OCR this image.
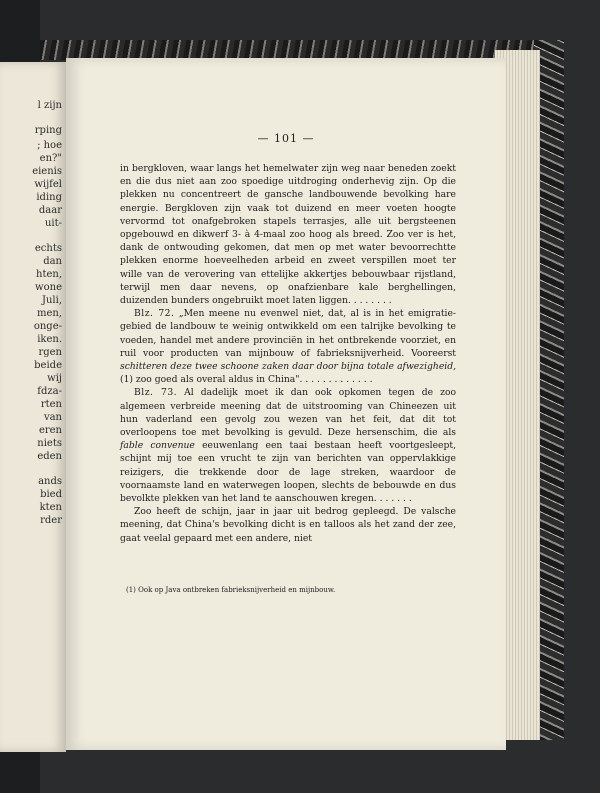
l zijn
rping
; hoe
en?"
eienis
wijfel
iding
daar
uit-
echts
dan
hten,
wone
Juli,
men,
onge-
iken.
rgen
beide
wij
fdza-
rten
van
eren
niets
eden
ands
bied
kten
rder
— 101 —

in bergkloven, waar langs het hemelwater zijn weg naar beneden zoekt en die dus niet aan zoo spoedige uitdroging onderhevig zijn. Op die plekken nu concentreert de gansche landbouwende bevolking hare energie. Bergkloven zijn vaak tot duizend en meer voeten hoogte vervormd tot onafgebroken stapels terrasjes, alle uit bergsteenen opgebouwd en dikwerf 3- à 4-maal zoo hoog als breed. Zoo ver is het, dank de ontwouding gekomen, dat men op met water bevoorrechtte plekken enorme hoeveelheden arbeid en zweet verspillen moet ter wille van de verovering van ettelijke akkertjes bebouwbaar rijstland, terwijl men daar nevens, op onafzienbare kale berghellingen, duizenden bunders ongebruikt moet laten liggen. . . . . . . .

Blz. 72. „Men meene nu evenwel niet, dat, al is in het emigratie-gebied de landbouw te weinig ontwikkeld om een talrijke bevolking te voeden, handel met andere provinciën in het ontbrekende voorziet, en ruil voor producten van mijnbouw of fabrieksnijverheid. Vooreerst schitteren deze twee schoone zaken daar door bijna totale afwezigheid, (1) zoo goed als overal aldus in China". . . . . . . . . . . . .

Blz. 73. Al dadelijk moet ik dan ook opkomen tegen de zoo algemeen verbreide meening dat de uitstrooming van Chineezen uit hun vaderland een gevolg zou wezen van het feit, dat dit tot overloopens toe met bevolking is gevuld. Deze hersenschim, die als fable convenue eeuwenlang een taai bestaan heeft voortgesleept, schijnt mij toe een vrucht te zijn van berichten van oppervlakkige reizigers, die trekkende door de lage streken, waardoor de voornaamste land en waterwegen loopen, slechts de bebouwde en dus bevolkte plekken van het land te aanschouwen kregen. . . . . . .

Zoo heeft de schijn, jaar in jaar uit bedrog gepleegd. De valsche meening, dat China's bevolking dicht is en talloos als het zand der zee, gaat veelal gepaard met een andere, niet

(1) Ook op Java ontbreken fabrieksnijverheid en mijnbouw.
